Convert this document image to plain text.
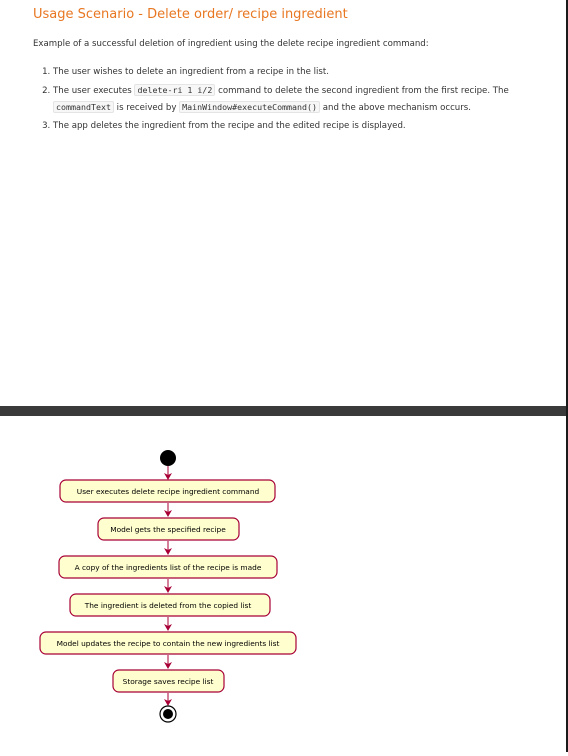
Usage Scenario - Delete order/ recipe ingredient
Example of a successful deletion of ingredient using the delete recipe ingredient command:
1. The user wishes to delete an ingredient from a recipe in the list.
2. The user executes delete-ri 1 i/2 command to delete the second ingredient from the first recipe. The commandText is received by MainWindow#executeCommand() and the above mechanism occurs.
3. The app deletes the ingredient from the recipe and the edited recipe is displayed.
User executes delete recipe ingredient command
Model gets the specified recipe
A copy of the ingredients list of the recipe is made
The ingredient is deleted from the copied list
Model updates the recipe to contain the new ingredients list
Storage saves recipe list
